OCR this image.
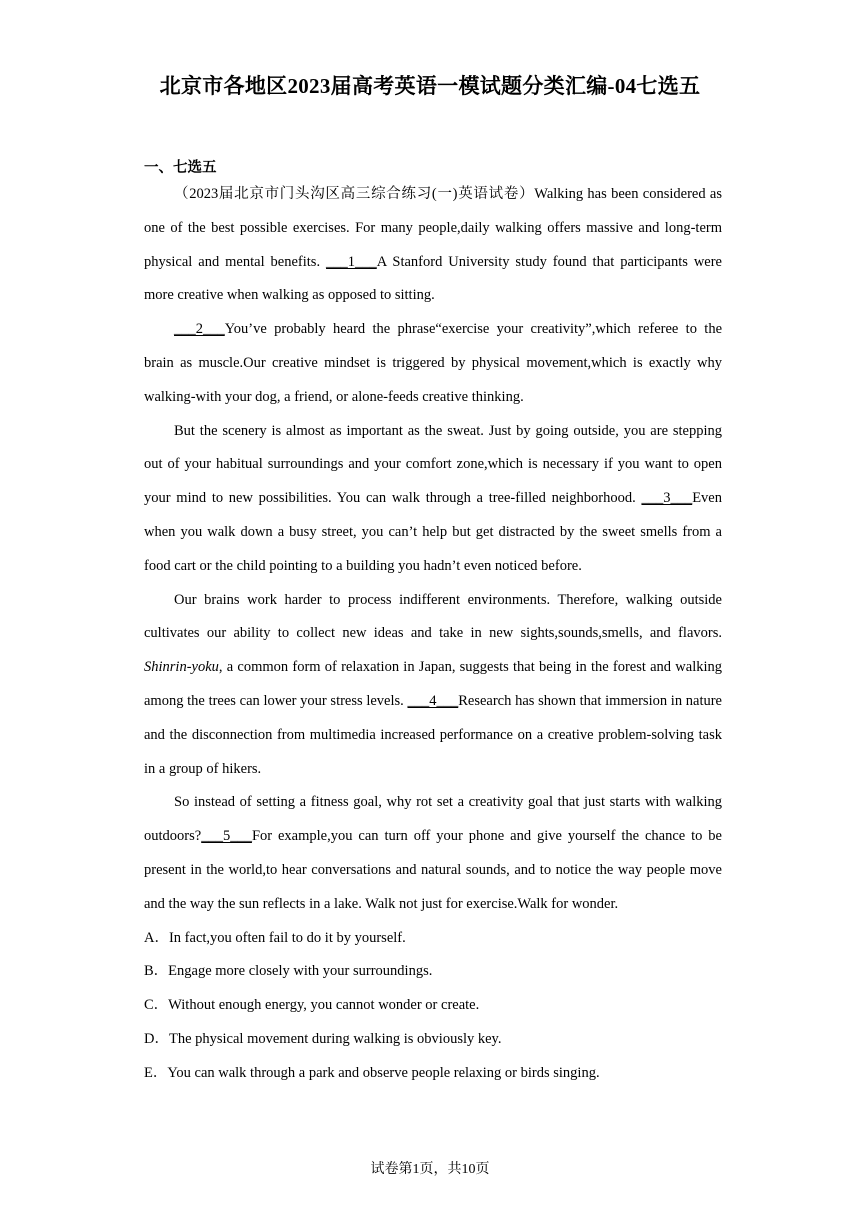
北京市各地区2023届高考英语一模试题分类汇编-04七选五
一、七选五

（2023届北京市门头沟区高三综合练习(一)英语试卷）Walking has been considered as one of the best possible exercises. For many people,daily walking offers massive and long-term physical and mental benefits. ___1___A Stanford University study found that participants were more creative when walking as opposed to sitting.

___2___You’ve probably heard the phrase“exercise your creativity”,which referee to the brain as muscle.Our creative mindset is triggered by physical movement,which is exactly why walking-with your dog, a friend, or alone-feeds creative thinking.

But the scenery is almost as important as the sweat. Just by going outside, you are stepping out of your habitual surroundings and your comfort zone,which is necessary if you want to open your mind to new possibilities. You can walk through a tree-filled neighborhood. ___3___Even when you walk down a busy street, you can’t help but get distracted by the sweet smells from a food cart or the child pointing to a building you hadn’t even noticed before.

Our brains work harder to process indifferent environments. Therefore, walking outside cultivates our ability to collect new ideas and take in new sights,sounds,smells, and flavors. Shinrin-yoku, a common form of relaxation in Japan, suggests that being in the forest and walking among the trees can lower your stress levels. ___4___Research has shown that immersion in nature and the disconnection from multimedia increased performance on a creative problem-solving task in a group of hikers.

So instead of setting a fitness goal, why rot set a creativity goal that just starts with walking outdoors?___5___For example,you can turn off your phone and give yourself the chance to be present in the world,to hear conversations and natural sounds, and to notice the way people move and the way the sun reflects in a lake. Walk not just for exercise.Walk for wonder.

A．In fact,you often fail to do it by yourself.
B．Engage more closely with your surroundings.
C．Without enough energy, you cannot wonder or create.
D．The physical movement during walking is obviously key.
E．You can walk through a park and observe people relaxing or birds singing.
试卷第1页，共10页
